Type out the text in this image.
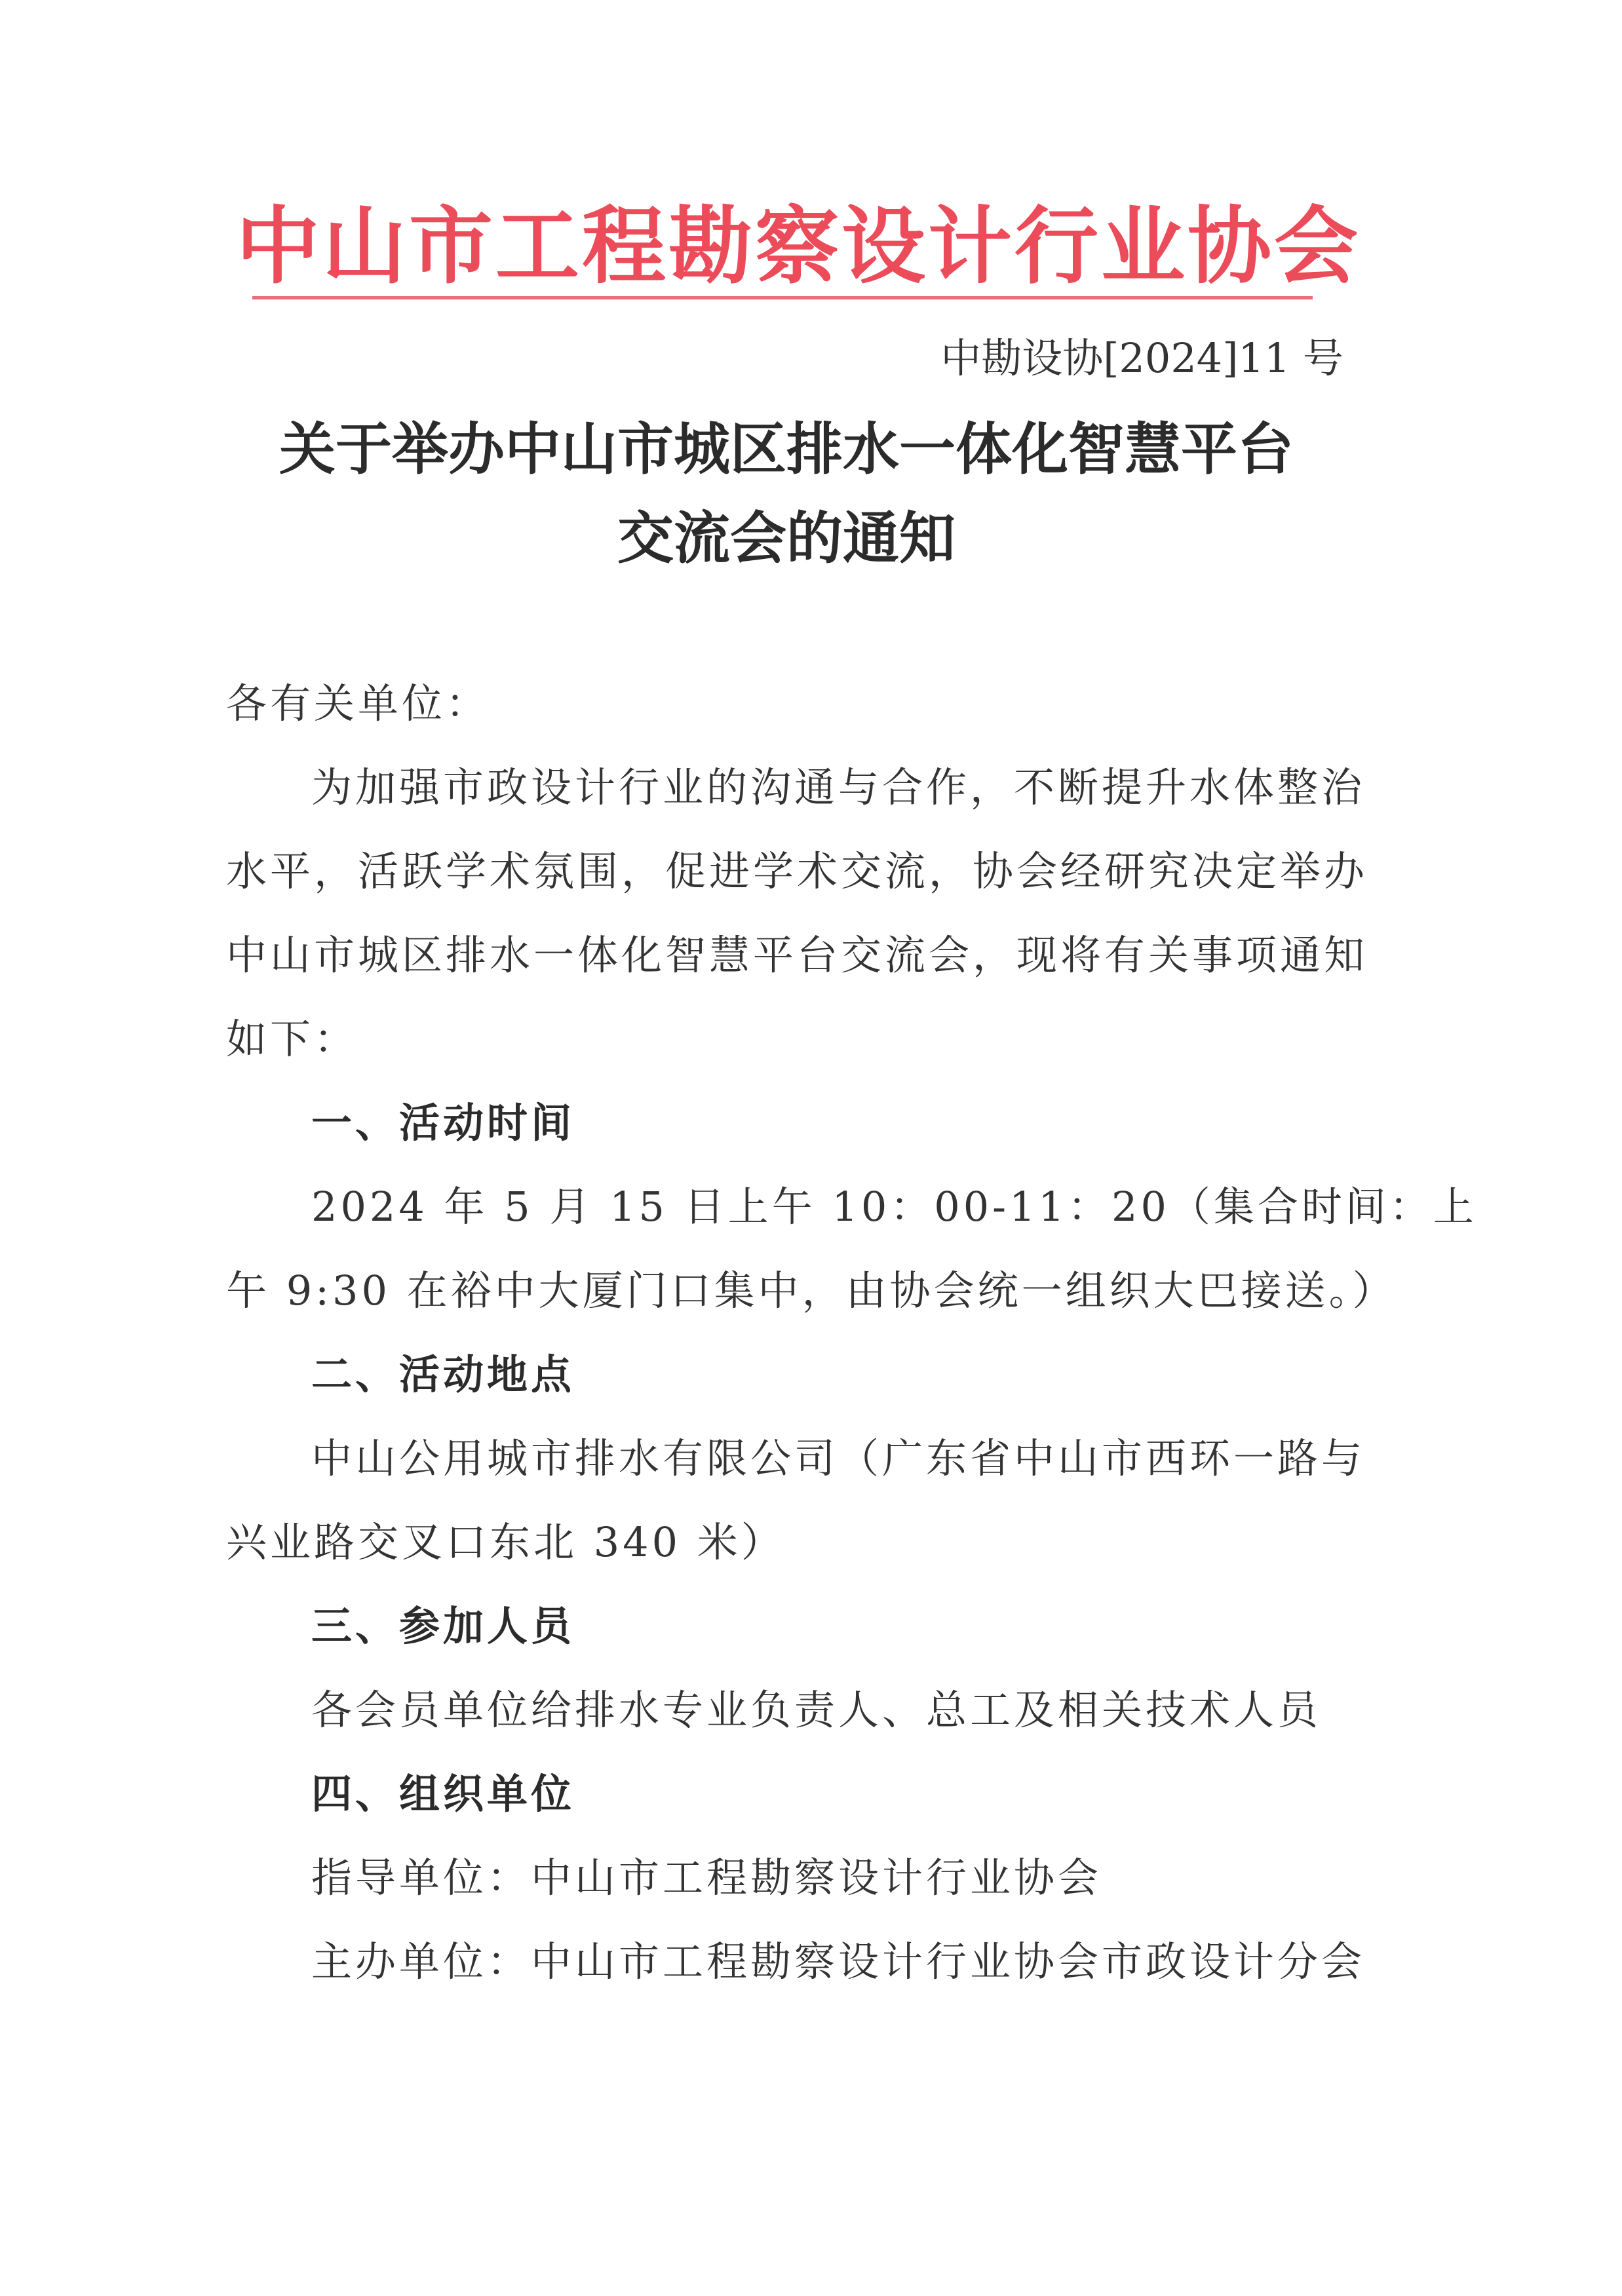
中山市工程勘察设计行业协会
中勘设协[2024]11 号
关于举办中山市城区排水一体化智慧平台
交流会的通知
各有关单位：
为加强市政设计行业的沟通与合作，不断提升水体整治
水平，活跃学术氛围，促进学术交流，协会经研究决定举办
中山市城区排水一体化智慧平台交流会，现将有关事项通知
如下：
一、活动时间
2024 年 5 月 15 日上午 10：00-11：20（集合时间：上
午 9:30 在裕中大厦门口集中，由协会统一组织大巴接送。）
二、活动地点
中山公用城市排水有限公司（广东省中山市西环一路与
兴业路交叉口东北 340 米）
三、参加人员
各会员单位给排水专业负责人、总工及相关技术人员
四、组织单位
指导单位：中山市工程勘察设计行业协会
主办单位：中山市工程勘察设计行业协会市政设计分会
